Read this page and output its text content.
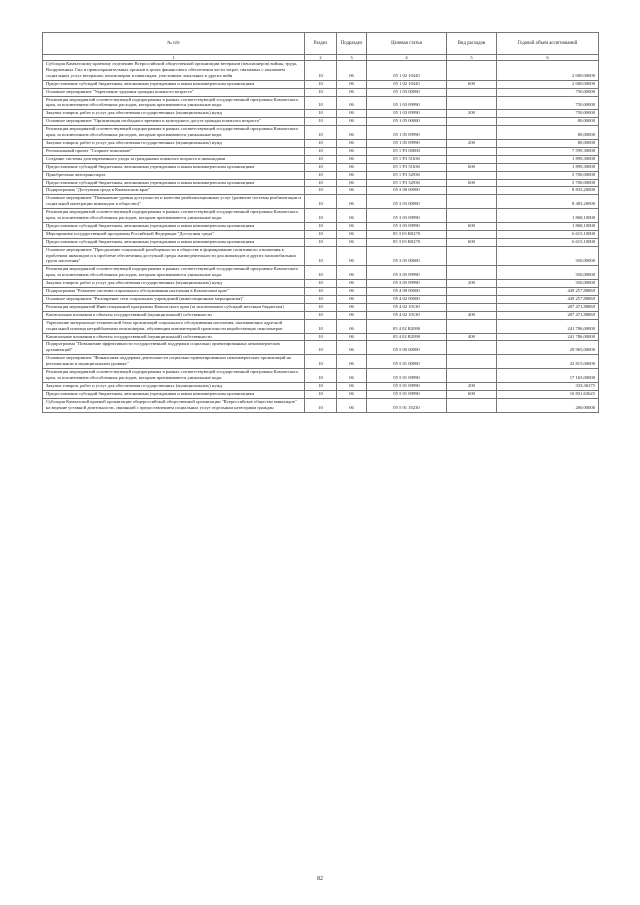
№ п/п	Раздел	Подраздел	Целевая статья	Вид расходов	Годовой объем ассигнований
1	2	3	4	5	6
Субсидия Камчатскому краевому отделению Всероссийской общественной организации ветеранов (пенсионеров) войны, труда, Вооруженных Сил и правоохранительных органов в целях финансового обеспечения части затрат, связанных с оказанием социальных услуг ветеранам, пенсионерам и инвалидам, участникам локальных и других войн	10	06	05 1 02 10420		2 000,00000
Предоставление субсидий бюджетным, автономным учреждениям и иным некоммерческим организациям	10	06	05 1 02 10420	600	2 000,00000
Основное мероприятие "Укрепление здоровья граждан пожилого возраста"	10	06	05 1 03 00000		750,00000
Реализация мероприятий соответствующей подпрограммы в рамках соответствующей государственной программы Камчатского края, за исключением обособленных расходов, которым присваиваются уникальные коды	10	06	05 1 03 09990		750,00000
Закупка товаров, работ и услуг для обеспечения государственных (муниципальных) нужд	10	06	05 1 03 09990	200	750,00000
Основное мероприятие "Организация свободного времени и культурного досуга граждан пожилого возраста"	10	06	05 1 05 00000		80,00000
Реализация мероприятий соответствующей подпрограммы в рамках соответствующей государственной программы Камчатского края, за исключением обособленных расходов, которым присваиваются уникальные коды	10	06	05 1 05 09990		80,00000
Закупка товаров, работ и услуг для обеспечения государственных (муниципальных) нужд	10	06	05 1 05 09990	200	80,00000
Региональный проект "Старшее поколение"	10	06	05 1 P3 00000		7 599,30000
Создание системы долговременного ухода за гражданами пожилого возраста и инвалидами	10	06	05 1 P3 51630		1 899,30000
Предоставление субсидий бюджетным, автономным учреждениям и иным некоммерческим организациям	10	06	05 1 P3 51630	600	1 899,30000
Приобретение автотранспорта	10	06	05 1 P3 52930		5 700,00000
Предоставление субсидий бюджетным, автономным учреждениям и иным некоммерческим организациям	10	06	05 1 P3 52930	600	5 700,00000
Подпрограмма "Доступная среда в Камчатском крае"	10	06	05 3 00 00000		8 833,20000
Основное мероприятие "Повышение уровня доступности и качества реабилитационных услуг (развитие системы реабилитации и социальной интеграции инвалидов в общество)"	10	06	05 3 03 00000		8 483,20000
Реализация мероприятий соответствующей подпрограммы в рамках соответствующей государственной программы Камчатского края, за исключением обособленных расходов, которым присваиваются уникальные коды	10	06	05 3 03 09990		1 868,10000
Предоставление субсидий бюджетным, автономным учреждениям и иным некоммерческим организациям	10	06	05 3 03 09990	600	1 868,10000
Мероприятия государственной программы Российской Федерации "Доступная среда"	10	06	05 3 03 R0270		6 615,10000
Предоставление субсидий бюджетным, автономным учреждениям и иным некоммерческим организациям	10	06	05 3 03 R0270	600	6 615,10000
Основное мероприятие "Преодоление социальной разобщенности в обществе и формирование позитивного отношения к проблемам инвалидов и к проблеме обеспечения доступной среды жизнедеятельности для инвалидов и других маломобильных групп населения"	10	06	05 3 05 00000		350,00000
Реализация мероприятий соответствующей подпрограммы в рамках соответствующей государственной программы Камчатского края, за исключением обособленных расходов, которым присваиваются уникальные коды	10	06	05 3 05 09990		350,00000
Закупка товаров, работ и услуг для обеспечения государственных (муниципальных) нужд	10	06	05 3 05 09990	200	350,00000
Подпрограмма "Развитие системы социального обслуживания населения в Камчатском крае"	10	06	05 4 00 00000		449 257,88869
Основное мероприятие "Расширение сети социальных учреждений (инвестиционные мероприятия)"	10	06	05 4 02 00000		449 257,88869
Реализация мероприятий Инвестиционной программы Камчатского края (за исключением субсидий местным бюджетам)	10	06	05 4 02 10130		207 471,88869
Капитальные вложения в объекты государственной (муниципальной) собственности	10	06	05 4 02 10130	400	207 471,88869
Укрепление материально-технической базы организаций социального обслуживания населения, оказывающих адресной социальной помощи нетрайбааемым пенсионерам, обучающим компьютерной грамотности неработающих пенсионеров	10	06	05 4 02 R2090		241 786,00000
Капитальные вложения в объекты государственной (муниципальной) собственности	10	06	05 4 02 R2090	400	241 786,00000
Подпрограмма "Повышение эффективности государственной поддержки социально ориентированных некоммерческих организаций"	10	06	05 5 00 00000		29 965,00000
Основное мероприятие "Финансовая поддержка деятельности социально-ориентированных некоммерческих организаций на региональном и муниципальном уровнях"	10	06	05 5 01 00000		23 815,00000
Реализация мероприятий соответствующей подпрограммы в рамках соответствующей государственной программы Камчатского края, за исключением обособленных расходов, которым присваиваются уникальные коды	10	06	05 5 01 09990		17 165,00000
Закупка товаров, работ и услуг для обеспечения государственных (муниципальных) нужд	10	06	05 5 01 09990	200	333,36375
Предоставление субсидий бюджетным, автономным учреждениям и иным некоммерческим организациям	10	06	05 5 01 09990	600	16 831,63625
Субсидия Камчатской краевой организации общероссийской общественной организации "Всероссийское общество инвалидов" на ведение уставной деятельности, связанной с предоставлением социальных услуг отдельным категориям граждан	10	06	05 5 01 10230		200,00000
82
